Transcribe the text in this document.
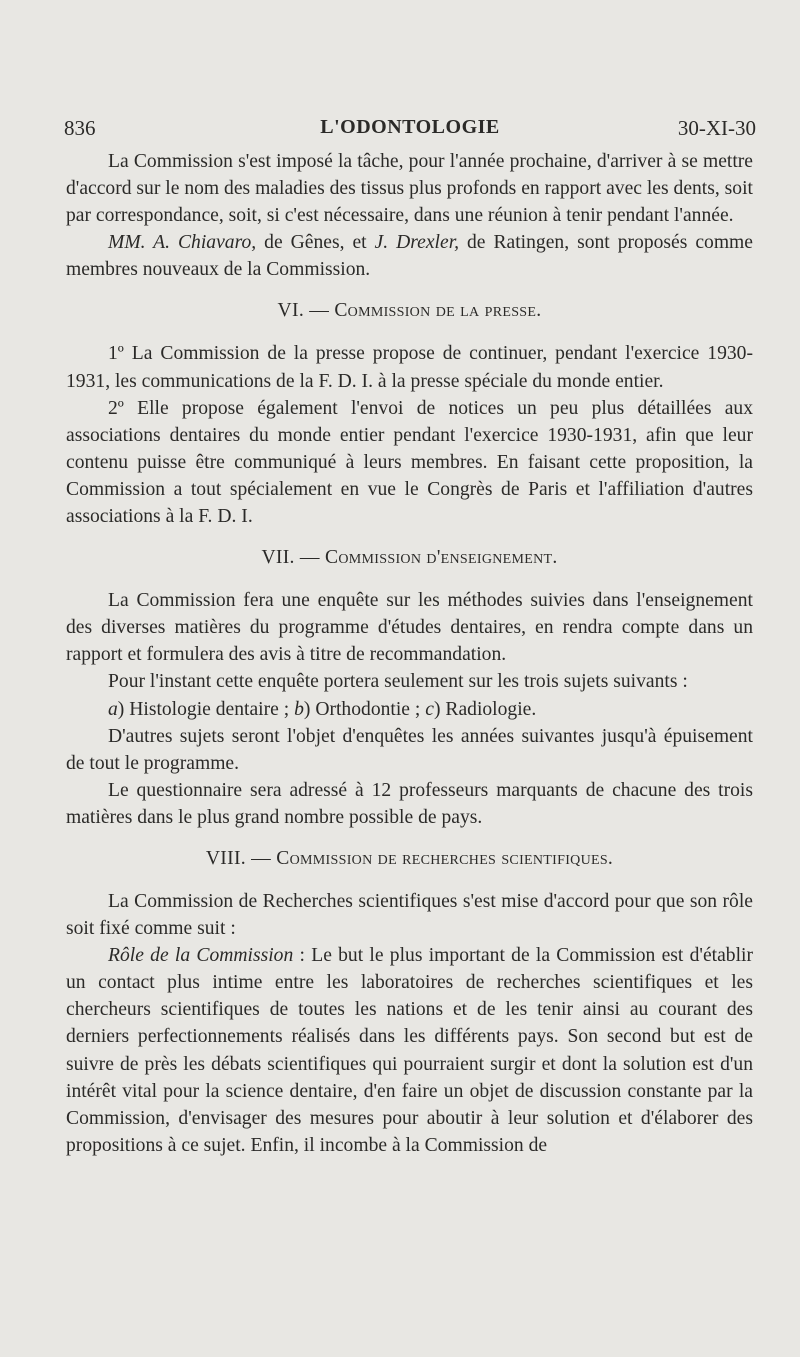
836	L'ODONTOLOGIE	30-XI-30

La Commission s'est imposé la tâche, pour l'année prochaine, d'arriver à se mettre d'accord sur le nom des maladies des tissus plus profonds en rapport avec les dents, soit par correspondance, soit, si c'est nécessaire, dans une réunion à tenir pendant l'année.

MM. A. Chiavaro, de Gênes, et J. Drexler, de Ratingen, sont proposés comme membres nouveaux de la Commission.

VI. — Commission de la presse.

1º La Commission de la presse propose de continuer, pendant l'exercice 1930-1931, les communications de la F. D. I. à la presse spéciale du monde entier.

2º Elle propose également l'envoi de notices un peu plus détaillées aux associations dentaires du monde entier pendant l'exercice 1930-1931, afin que leur contenu puisse être communiqué à leurs membres. En faisant cette proposition, la Commission a tout spécialement en vue le Congrès de Paris et l'affiliation d'autres associations à la F. D. I.

VII. — Commission d'enseignement.

La Commission fera une enquête sur les méthodes suivies dans l'enseignement des diverses matières du programme d'études dentaires, en rendra compte dans un rapport et formulera des avis à titre de recommandation.

Pour l'instant cette enquête portera seulement sur les trois sujets suivants :

a) Histologie dentaire ; b) Orthodontie ; c) Radiologie.

D'autres sujets seront l'objet d'enquêtes les années suivantes jusqu'à épuisement de tout le programme.

Le questionnaire sera adressé à 12 professeurs marquants de chacune des trois matières dans le plus grand nombre possible de pays.

VIII. — Commission de recherches scientifiques.

La Commission de Recherches scientifiques s'est mise d'accord pour que son rôle soit fixé comme suit :

Rôle de la Commission : Le but le plus important de la Commission est d'établir un contact plus intime entre les laboratoires de recherches scientifiques et les chercheurs scientifiques de toutes les nations et de les tenir ainsi au courant des derniers perfectionnements réalisés dans les différents pays. Son second but est de suivre de près les débats scientifiques qui pourraient surgir et dont la solution est d'un intérêt vital pour la science dentaire, d'en faire un objet de discussion constante par la Commission, d'envisager des mesures pour aboutir à leur solution et d'élaborer des propositions à ce sujet. Enfin, il incombe à la Commission de
